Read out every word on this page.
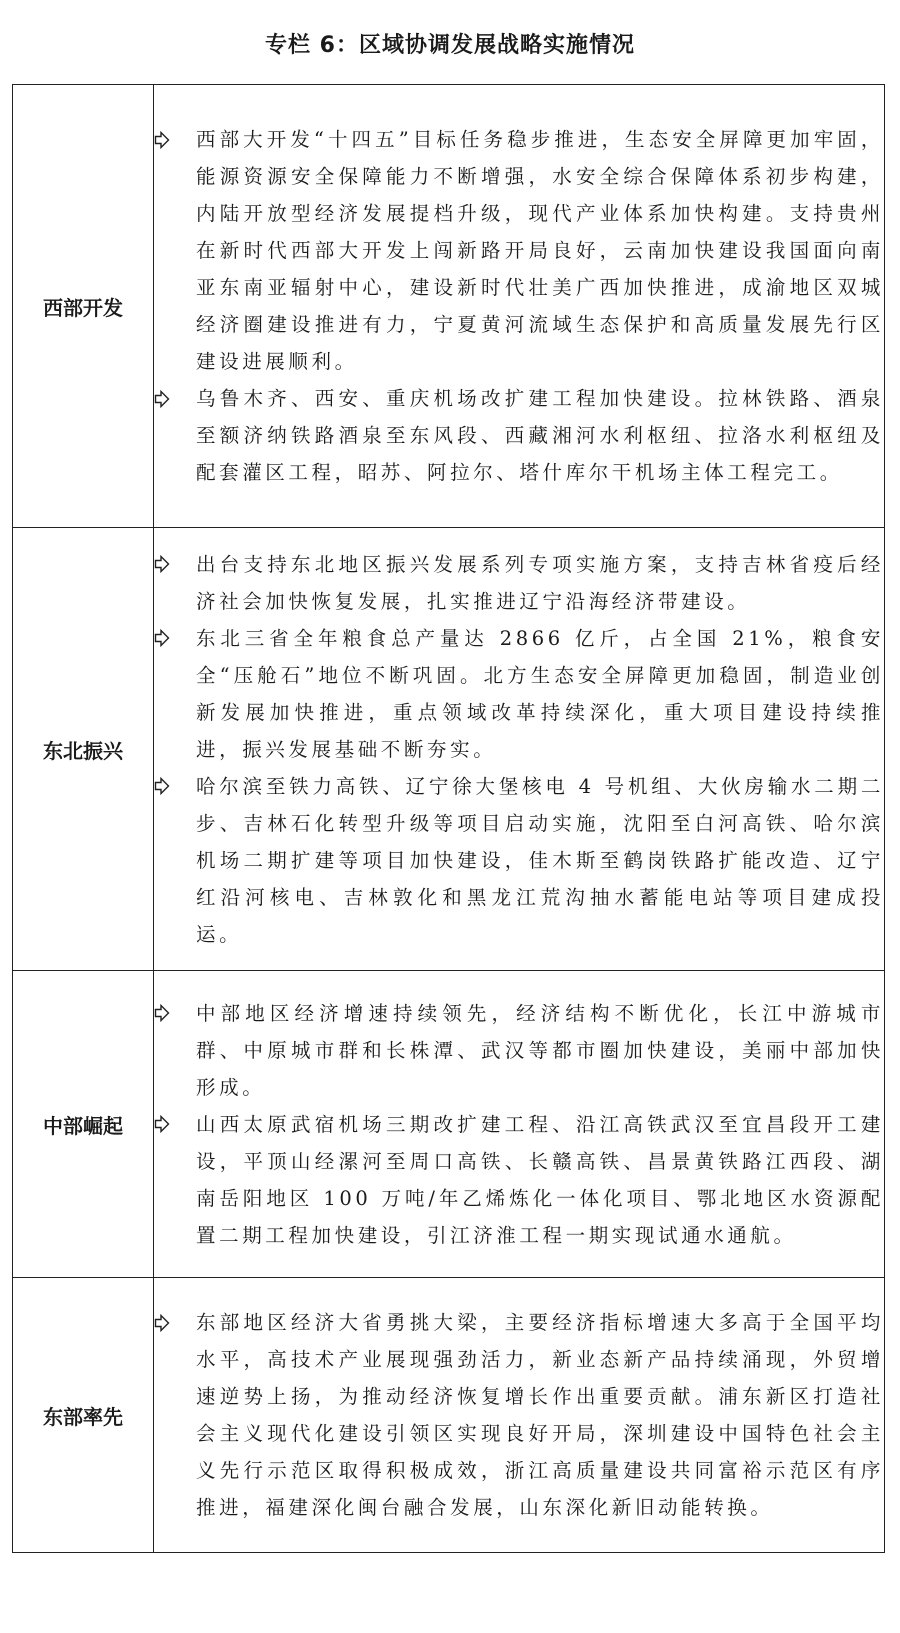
专栏 6：区域协调发展战略实施情况
西部开发	西部大开发“十四五”目标任务稳步推进，生态安全屏障更加牢固，能源资源安全保障能力不断增强，水安全综合保障体系初步构建，内陆开放型经济发展提档升级，现代产业体系加快构建。支持贵州在新时代西部大开发上闯新路开局良好，云南加快建设我国面向南亚东南亚辐射中心，建设新时代壮美广西加快推进，成渝地区双城经济圈建设推进有力，宁夏黄河流域生态保护和高质量发展先行区建设进展顺利。
乌鲁木齐、西安、重庆机场改扩建工程加快建设。拉林铁路、酒泉至额济纳铁路酒泉至东风段、西藏湘河水利枢纽、拉洛水利枢纽及配套灌区工程，昭苏、阿拉尔、塔什库尔干机场主体工程完工。

东北振兴	出台支持东北地区振兴发展系列专项实施方案，支持吉林省疫后经济社会加快恢复发展，扎实推进辽宁沿海经济带建设。
东北三省全年粮食总产量达 2866 亿斤，占全国 21%，粮食安全“压舱石”地位不断巩固。北方生态安全屏障更加稳固，制造业创新发展加快推进，重点领域改革持续深化，重大项目建设持续推进，振兴发展基础不断夯实。
哈尔滨至铁力高铁、辽宁徐大堡核电 4 号机组、大伙房输水二期二步、吉林石化转型升级等项目启动实施，沈阳至白河高铁、哈尔滨机场二期扩建等项目加快建设，佳木斯至鹤岗铁路扩能改造、辽宁红沿河核电、吉林敦化和黑龙江荒沟抽水蓄能电站等项目建成投运。

中部崛起	中部地区经济增速持续领先，经济结构不断优化，长江中游城市群、中原城市群和长株潭、武汉等都市圈加快建设，美丽中部加快形成。
山西太原武宿机场三期改扩建工程、沿江高铁武汉至宜昌段开工建设，平顶山经漯河至周口高铁、长赣高铁、昌景黄铁路江西段、湖南岳阳地区 100 万吨/年乙烯炼化一体化项目、鄂北地区水资源配置二期工程加快建设，引江济淮工程一期实现试通水通航。

东部率先	东部地区经济大省勇挑大梁，主要经济指标增速大多高于全国平均水平，高技术产业展现强劲活力，新业态新产品持续涌现，外贸增速逆势上扬，为推动经济恢复增长作出重要贡献。浦东新区打造社会主义现代化建设引领区实现良好开局，深圳建设中国特色社会主义先行示范区取得积极成效，浙江高质量建设共同富裕示范区有序推进，福建深化闽台融合发展，山东深化新旧动能转换。
